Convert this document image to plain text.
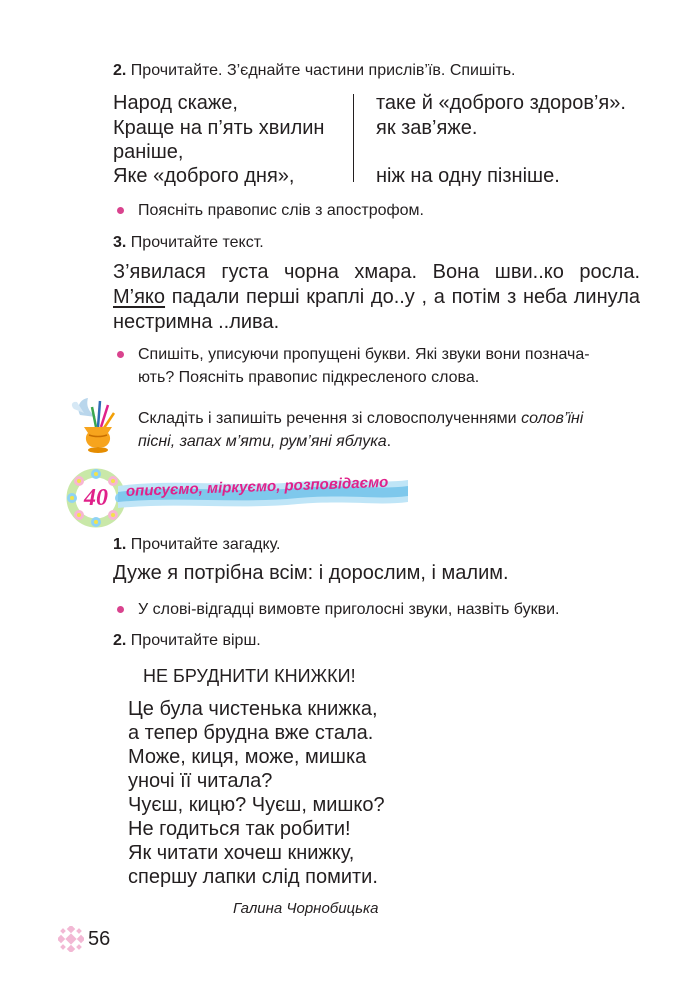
2. Прочитайте. З’єднайте частини прислів’їв. Спишіть.
Народ скаже,
Краще на п’ять хвилин
раніше,
Яке «доброго дня»,
таке й «доброго здоров’я».
як зав’яже.
ніж на одну пізніше.
Поясніть правопис слів з апострофом.
3. Прочитайте текст.
З’явилася густа чорна хмара. Вона шви..ко росла.
М’яко падали перші краплі до..у , а потім з неба линула
нестримна ..лива.
Спишіть, уписуючи пропущені букви. Які звуки вони познача-
ють? Поясніть правопис підкресленого слова.
Складіть і запишіть речення зі словосполученнями солов’їні
пісні, запах м’яти, рум’яні яблука.
40	описуємо, міркуємо, розповідаємо
1. Прочитайте загадку.
Дуже я потрібна всім: і дорослим, і малим.
У слові-відгадці вимовте приголосні звуки, назвіть букви.
2. Прочитайте вірш.
НЕ БРУДНИТИ КНИЖКИ!
Це була чистенька книжка,
а тепер брудна вже стала.
Може, киця, може, мишка
уночі її читала?
Чуєш, кицю? Чуєш, мишко?
Не годиться так робити!
Як читати хочеш книжку,
спершу лапки слід помити.
Галина Чорнобицька
56
